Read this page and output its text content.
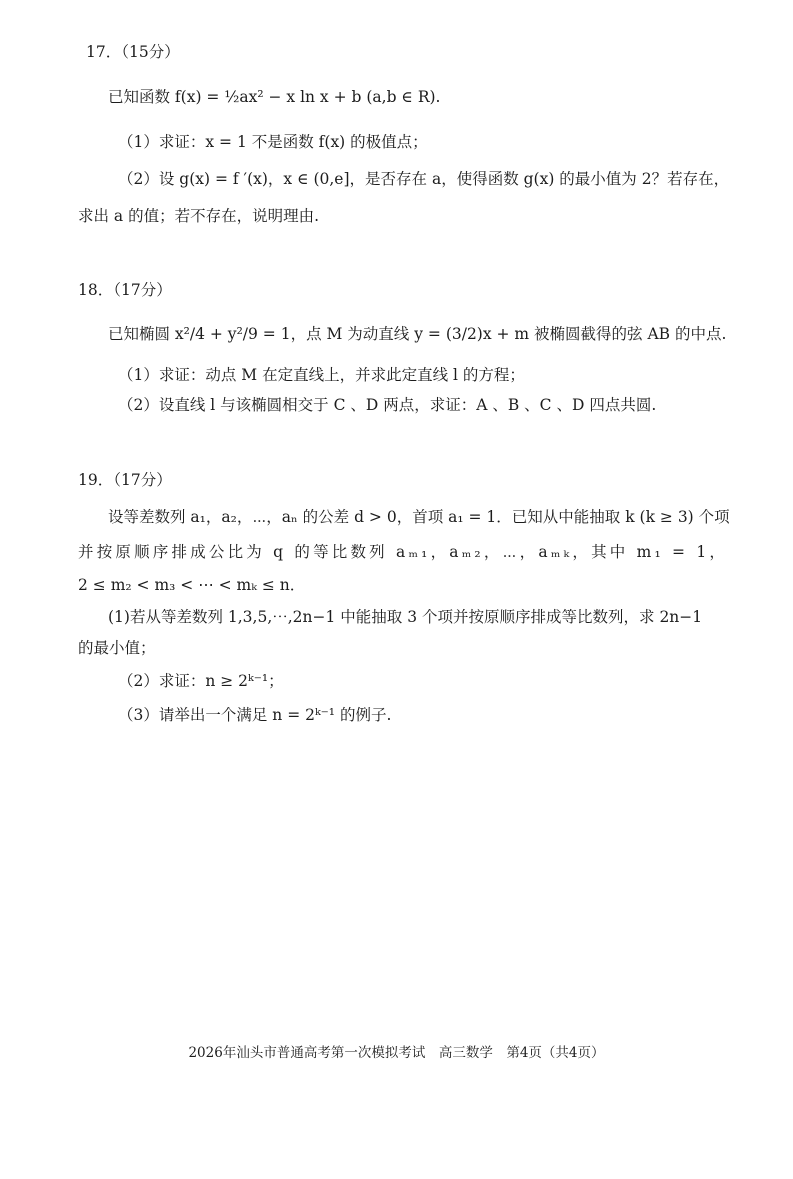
17．（15分）
已知函数 f(x) = ½ax² − x ln x + b (a,b ∈ R).
（1）求证：x = 1 不是函数 f(x) 的极值点；
（2）设 g(x) = f ′(x)，x ∈ (0,e]，是否存在 a，使得函数 g(x) 的最小值为 2？若存在，
求出 a 的值；若不存在，说明理由.
18．（17分）
已知椭圆 x²/4 + y²/9 = 1，点 M 为动直线 y = (3/2)x + m 被椭圆截得的弦 AB 的中点.
（1）求证：动点 M 在定直线上，并求此定直线 l 的方程；
（2）设直线 l 与该椭圆相交于 C 、D 两点，求证：A 、B 、C 、D 四点共圆.
19．（17分）
设等差数列 a₁，a₂，⋯，aₙ 的公差 d > 0，首项 a₁ = 1．已知从中能抽取 k (k ≥ 3) 个项
并按原顺序排成公比为 q 的等比数列 aₘ₁，aₘ₂，⋯，aₘₖ，其中 m₁ = 1，
2 ≤ m₂ < m₃ < ⋯ < mₖ ≤ n．
(1)若从等差数列 1,3,5,⋯,2n−1 中能抽取 3 个项并按原顺序排成等比数列，求 2n−1
的最小值；
（2）求证：n ≥ 2ᵏ⁻¹；
（3）请举出一个满足 n = 2ᵏ⁻¹ 的例子.
2026年汕头市普通高考第一次模拟考试　高三数学　第4页（共4页）
